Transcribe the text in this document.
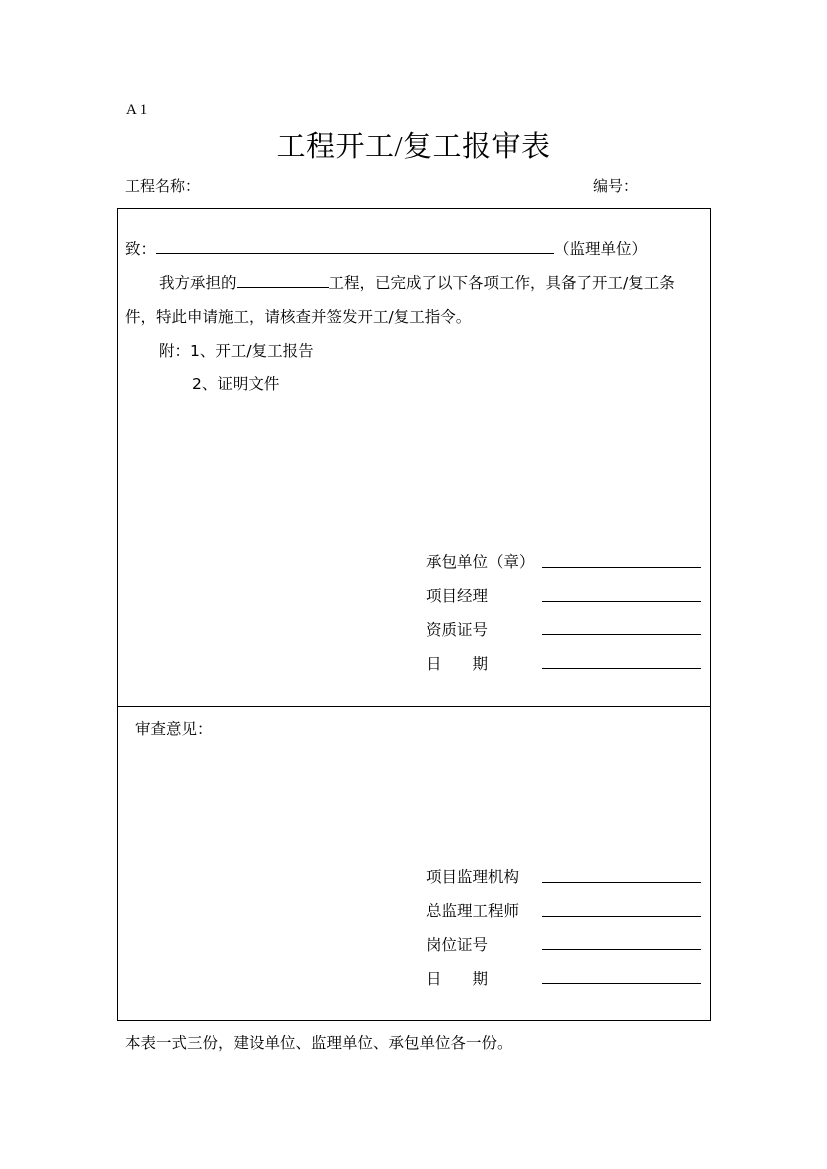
A 1
工程开工/复工报审表
工程名称：	编号：
致：	（监理单位）
我方承担的	工程，已完成了以下各项工作，具备了开工/复工条
件，特此申请施工，请核查并签发开工/复工指令。
附：1、开工/复工报告
2、证明文件
承包单位（章）
项目经理
资质证号
日　　期
审查意见：
项目监理机构
总监理工程师
岗位证号
日　　期
本表一式三份，建设单位、监理单位、承包单位各一份。
